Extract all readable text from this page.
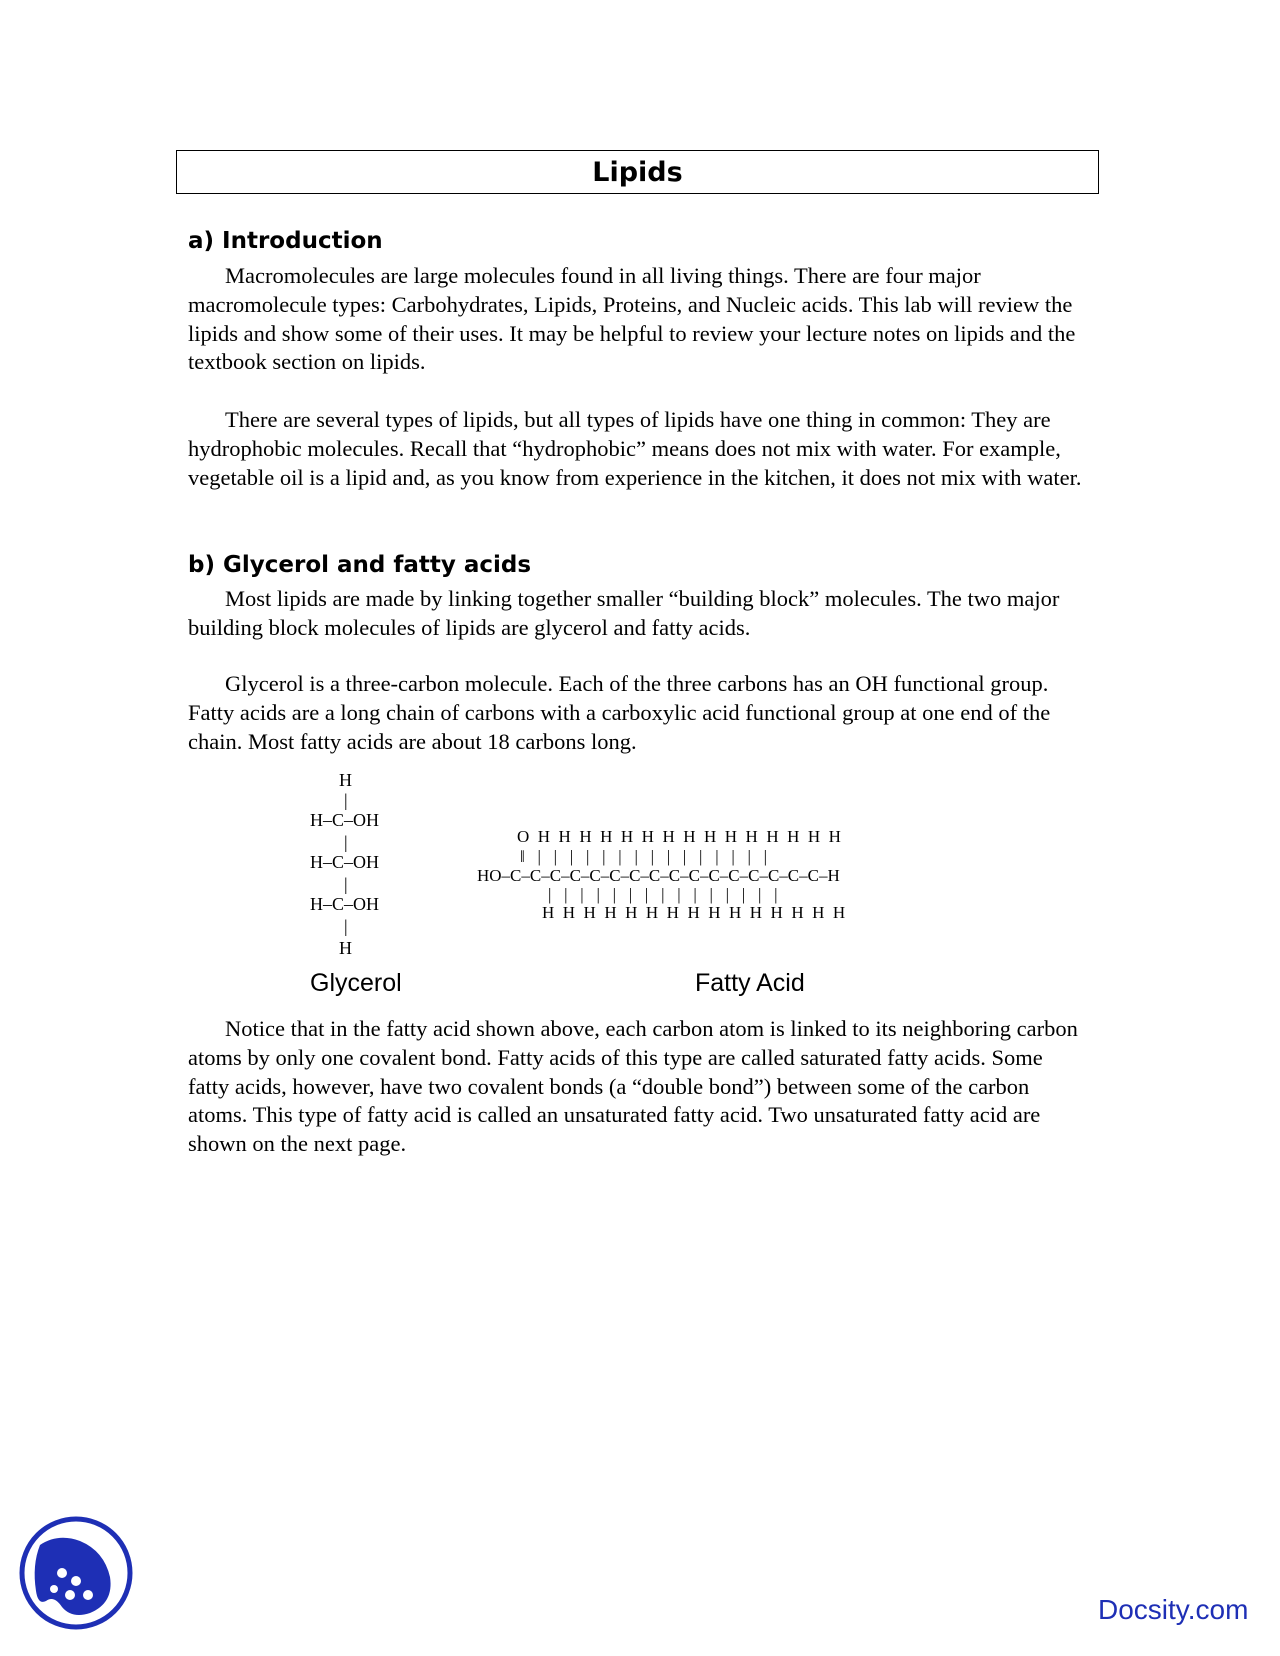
Lipids
a) Introduction

Macromolecules are large molecules found in all living things. There are four major macromolecule types: Carbohydrates, Lipids, Proteins, and Nucleic acids. This lab will review the lipids and show some of their uses. It may be helpful to review your lecture notes on lipids and the textbook section on lipids.

There are several types of lipids, but all types of lipids have one thing in common: They are hydrophobic molecules. Recall that “hydrophobic” means does not mix with water. For example, vegetable oil is a lipid and, as you know from experience in the kitchen, it does not mix with water.

b) Glycerol and fatty acids

Most lipids are made by linking together smaller “building block” molecules. The two major building block molecules of lipids are glycerol and fatty acids.

Glycerol is a three-carbon molecule. Each of the three carbons has an OH functional group. Fatty acids are a long chain of carbons with a carboxylic acid functional group at one end of the chain. Most fatty acids are about 18 carbons long.

H
|
H–C–OH
|
H–C–OH
|
H–C–OH
|
H
Glycerol
O  H  H  H  H  H  H  H  H  H  H  H  H  H  H  H
‖   |   |   |   |   |   |   |   |   |   |   |   |   |   |   |
HO–C–C–C–C–C–C–C–C–C–C–C–C–C–C–C–C–H
|   |   |   |   |   |   |   |   |   |   |   |   |   |   |
H  H  H  H  H  H  H  H  H  H  H  H  H  H  H
Fatty Acid

Notice that in the fatty acid shown above, each carbon atom is linked to its neighboring carbon atoms by only one covalent bond. Fatty acids of this type are called saturated fatty acids. Some fatty acids, however, have two covalent bonds (a “double bond”) between some of the carbon atoms. This type of fatty acid is called an unsaturated fatty acid. Two unsaturated fatty acid are shown on the next page.

Docsity.com
